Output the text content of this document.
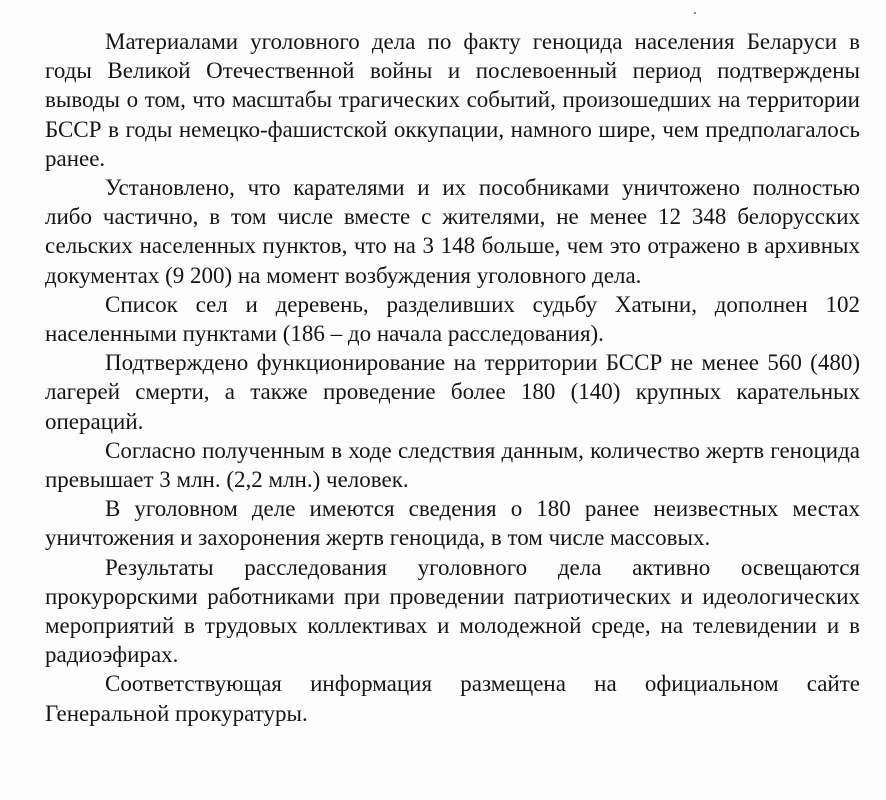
Материалами уголовного дела по факту геноцида населения Беларуси в годы Великой Отечественной войны и послевоенный период подтверждены выводы о том, что масштабы трагических событий, произошедших на территории БССР в годы немецко-фашистской оккупации, намного шире, чем предполагалось ранее.

Установлено, что карателями и их пособниками уничтожено полностью либо частично, в том числе вместе с жителями, не менее 12 348 белорусских сельских населенных пунктов, что на 3 148 больше, чем это отражено в архивных документах (9 200) на момент возбуждения уголовного дела.

Список сел и деревень, разделивших судьбу Хатыни, дополнен 102 населенными пунктами (186 – до начала расследования).

Подтверждено функционирование на территории БССР не менее 560 (480) лагерей смерти, а также проведение более 180 (140) крупных карательных операций.

Согласно полученным в ходе следствия данным, количество жертв геноцида превышает 3 млн. (2,2 млн.) человек.

В уголовном деле имеются сведения о 180 ранее неизвестных местах уничтожения и захоронения жертв геноцида, в том числе массовых.

Результаты расследования уголовного дела активно освещаются прокурорскими работниками при проведении патриотических и идеологических мероприятий в трудовых коллективах и молодежной среде, на телевидении и в радиоэфирах.

Соответствующая информация размещена на официальном сайте Генеральной прокуратуры.
